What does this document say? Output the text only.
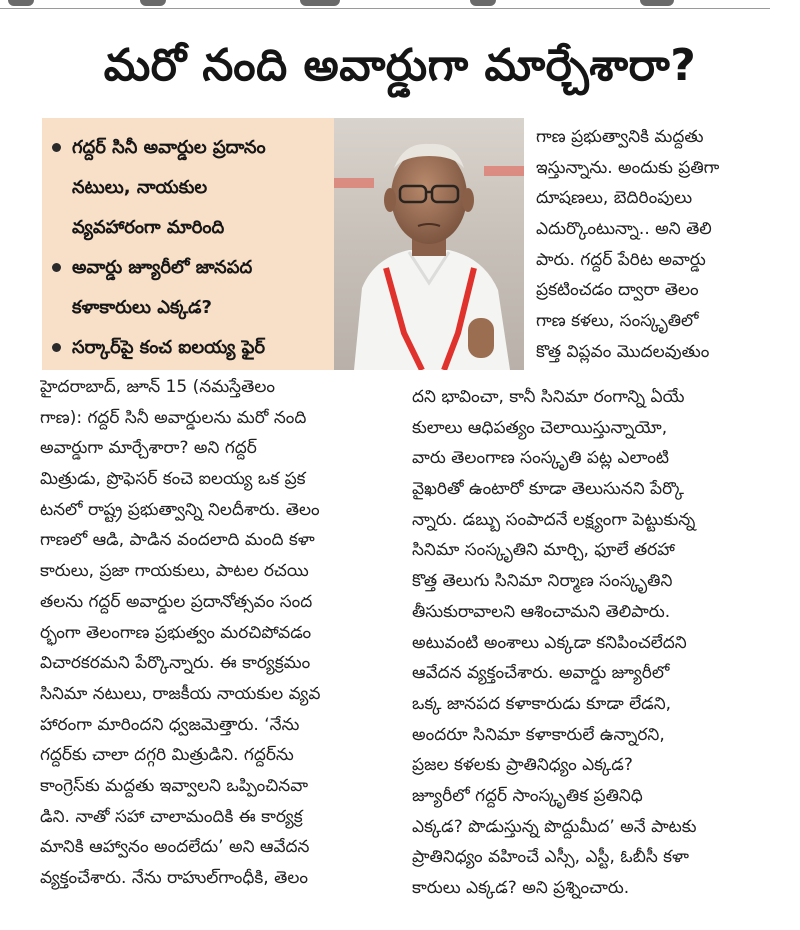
మరో నంది అవార్డుగా మార్చేశారా?
గద్దర్ సినీ అవార్డుల ప్రదానం
నటులు, నాయకుల
వ్యవహారంగా మారింది
అవార్డు జ్యూరీలో జానపద
కళాకారులు ఎక్కడ?
సర్కార్‌పై కంచ ఐలయ్య ఫైర్
గాణ ప్రభుత్వానికి మద్దతు
ఇస్తున్నాను. అందుకు ప్రతిగా
దూషణలు, బెదిరింపులు
ఎదుర్కొంటున్నా.. అని తెలి
పారు. గద్దర్ పేరిట అవార్డు
ప్రకటించడం ద్వారా తెలం
గాణ కళలు, సంస్కృతిలో
కొత్త విప్లవం మొదలవుతుం
హైదరాబాద్, జూన్ 15 (నమస్తేతెలం
గాణ): గద్దర్ సినీ అవార్డులను మరో నంది
అవార్డుగా మార్చేశారా? అని గద్దర్
మిత్రుడు, ప్రొఫెసర్ కంచె ఐలయ్య ఒక ప్రక
టనలో రాష్ట్ర ప్రభుత్వాన్ని నిలదీశారు. తెలం
గాణలో ఆడి, పాడిన వందలాది మంది కళా
కారులు, ప్రజా గాయకులు, పాటల రచయి
తలను గద్దర్ అవార్డుల ప్రదానోత్సవం సంద
ర్భంగా తెలంగాణ ప్రభుత్వం మరచిపోవడం
విచారకరమని పేర్కొన్నారు. ఈ కార్యక్రమం
సినిమా నటులు, రాజకీయ నాయకుల వ్యవ
హారంగా మారిందని ధ్వజమెత్తారు. ‘నేను
గద్దర్‌కు చాలా దగ్గరి మిత్రుడిని. గద్దర్‌ను
కాంగ్రెస్‌కు మద్దతు ఇవ్వాలని ఒప్పించినవా
డిని. నాతో సహా చాలామందికి ఈ కార్యక్ర
మానికి ఆహ్వానం అందలేదు’ అని ఆవేదన
వ్యక్తంచేశారు. నేను రాహుల్‌గాంధీకి, తెలం
దని భావించా, కానీ సినిమా రంగాన్ని ఏయే
కులాలు ఆధిపత్యం చెలాయిస్తున్నాయో,
వారు తెలంగాణ సంస్కృతి పట్ల ఎలాంటి
వైఖరితో ఉంటారో కూడా తెలుసునని పేర్కొ
న్నారు. డబ్బు సంపాదనే లక్ష్యంగా పెట్టుకున్న
సినిమా సంస్కృతిని మార్చి, ఫూలే తరహా
కొత్త తెలుగు సినిమా నిర్మాణ సంస్కృతిని
తీసుకురావాలని ఆశించామని తెలిపారు.
అటువంటి అంశాలు ఎక్కడా కనిపించలేదని
ఆవేదన వ్యక్తంచేశారు. అవార్డు జ్యూరీలో
ఒక్క జానపద కళాకారుడు కూడా లేడని,
అందరూ సినిమా కళాకారులే ఉన్నారని,
ప్రజల కళలకు ప్రాతినిధ్యం ఎక్కడ?
జ్యూరీలో గద్దర్ సాంస్కృతిక ప్రతినిధి
ఎక్కడ? పొడుస్తున్న పొద్దుమీద’ అనే పాటకు
ప్రాతినిధ్యం వహించే ఎస్సీ, ఎస్టీ, ఓబీసీ కళా
కారులు ఎక్కడ? అని ప్రశ్నించారు.
